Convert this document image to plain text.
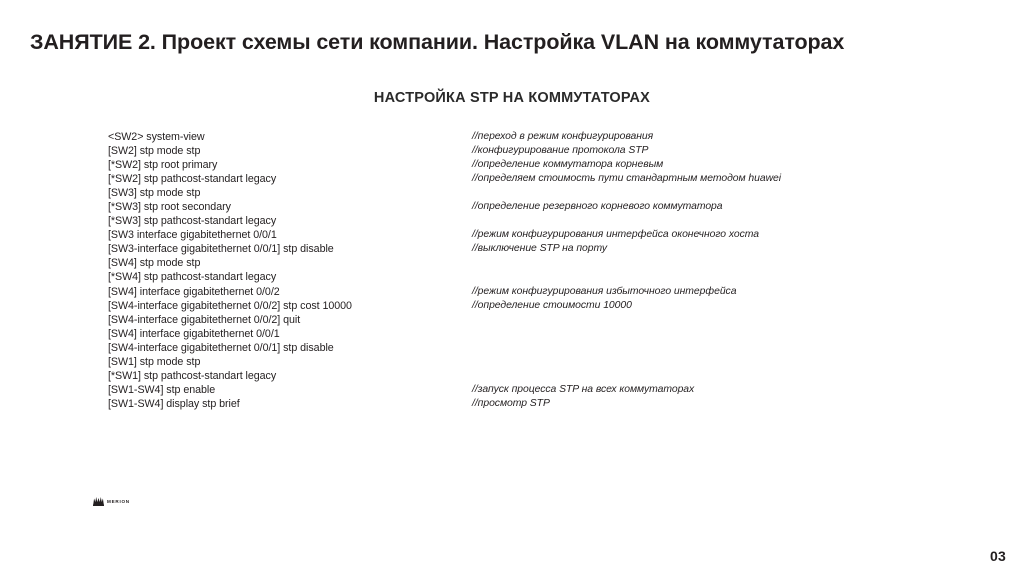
ЗАНЯТИЕ 2. Проект схемы сети компании. Настройка VLAN на коммутаторах
НАСТРОЙКА STP НА КОММУТАТОРАХ
<SW2> system-view	//переход в режим конфигурирования
[SW2] stp mode stp	//конфигурирование протокола STP
[*SW2] stp root primary	//определение коммутатора корневым
[*SW2] stp pathcost-standart legacy	//определяем стоимость пути стандартным методом huawei
[SW3] stp mode stp
[*SW3] stp root secondary	//определение резервного корневого коммутатора
[*SW3] stp pathcost-standart legacy
[SW3 interface gigabitethernet 0/0/1	//режим конфигурирования интерфейса оконечного хоста
[SW3-interface gigabitethernet 0/0/1] stp disable	//выключение STP на порту
[SW4] stp mode stp
[*SW4] stp pathcost-standart legacy
[SW4] interface gigabitethernet 0/0/2	//режим конфигурирования избыточного интерфейса
[SW4-interface gigabitethernet 0/0/2] stp cost 10000	//определение стоимости 10000
[SW4-interface gigabitethernet 0/0/2] quit
[SW4] interface gigabitethernet 0/0/1
[SW4-interface gigabitethernet 0/0/1] stp disable
[SW1] stp mode stp
[*SW1] stp pathcost-standart legacy
[SW1-SW4] stp enable	//запуск процесса STP на всех коммутаторах
[SW1-SW4] display stp brief	//просмотр STP
MERION
03
